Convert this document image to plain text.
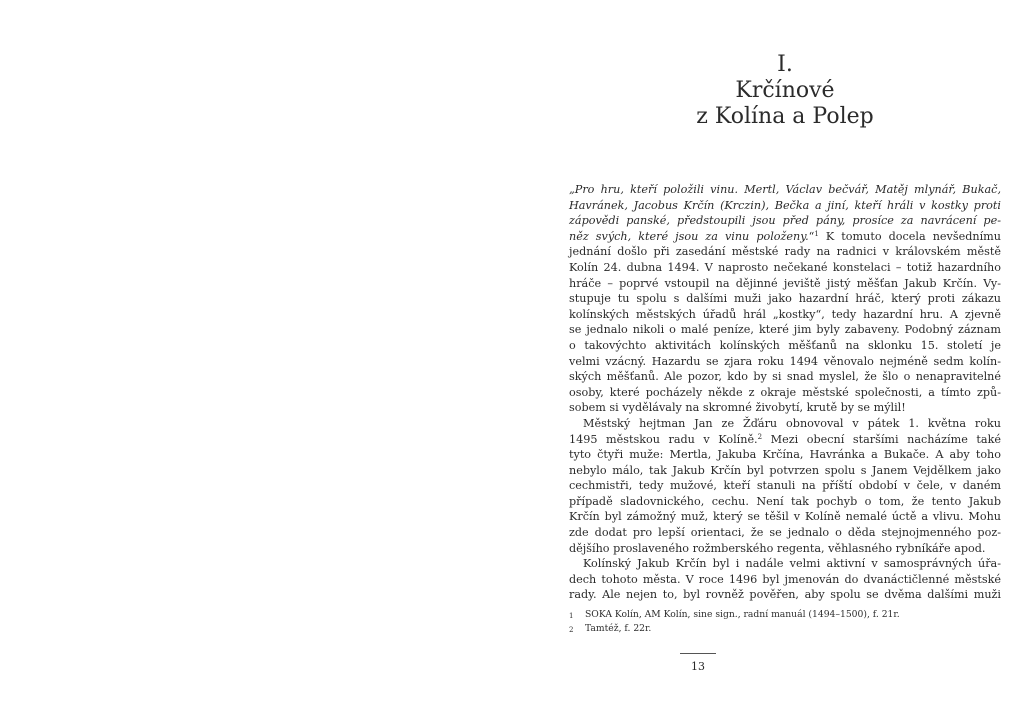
I.
Krčínové
z Kolína a Polep
„Pro hru, kteří položili vinu. Mertl, Václav bečvář, Matěj mlynář, Bukač,
Havránek, Jacobus Krčín (Krczin), Bečka a jiní, kteří hráli v kostky proti
zápovědi panské, předstoupili jsou před pány, prosíce za navrácení pe-
něz svých, které jsou za vinu položeny.“$^1$ K tomuto docela nevšednímu
jednání došlo při zasedání městské rady na radnici v královském městě
Kolín 24. dubna 1494. V naprosto nečekané konstelaci – totiž hazardního
hráče – poprvé vstoupil na dějinné jeviště jistý měšťan Jakub Krčín. Vy-
stupuje tu spolu s dalšími muži jako hazardní hráč, který proti zákazu
kolínských městských úřadů hrál „kostky“, tedy hazardní hru. A zjevně
se jednalo nikoli o malé peníze, které jim byly zabaveny. Podobný záznam
o takovýchto aktivitách kolínských měšťanů na sklonku 15. století je
velmi vzácný. Hazardu se zjara roku 1494 věnovalo nejméně sedm kolín-
ských měšťanů. Ale pozor, kdo by si snad myslel, že šlo o nenapravitelné
osoby, které pocházely někde z okraje městské společnosti, a tímto způ-
sobem si vydělávaly na skromné živobytí, krutě by se mýlil!
Městský hejtman Jan ze Žďáru obnovoval v pátek 1. května roku
1495 městskou radu v Kolíně.$^2$ Mezi obecní staršími nacházíme také
tyto čtyři muže: Mertla, Jakuba Krčína, Havránka a Bukače. A aby toho
nebylo málo, tak Jakub Krčín byl potvrzen spolu s Janem Vejdělkem jako
cechmistři, tedy mužové, kteří stanuli na příští období v čele, v daném
případě sladovnického, cechu. Není tak pochyb o tom, že tento Jakub
Krčín byl zámožný muž, který se těšil v Kolíně nemalé úctě a vlivu. Mohu
zde dodat pro lepší orientaci, že se jednalo o děda stejnojmenného poz-
dějšího proslaveného rožmberského regenta, věhlasného rybníkáře apod.
Kolínský Jakub Krčín byl i nadále velmi aktivní v samosprávných úřa-
dech tohoto města. V roce 1496 byl jmenován do dvanáctičlenné městské
rady. Ale nejen to, byl rovněž pověřen, aby spolu se dvěma dalšími muži
1	SOKA Kolín, AM Kolín, sine sign., radní manuál (1494–1500), f. 21r.
2	Tamtéž, f. 22r.
13
